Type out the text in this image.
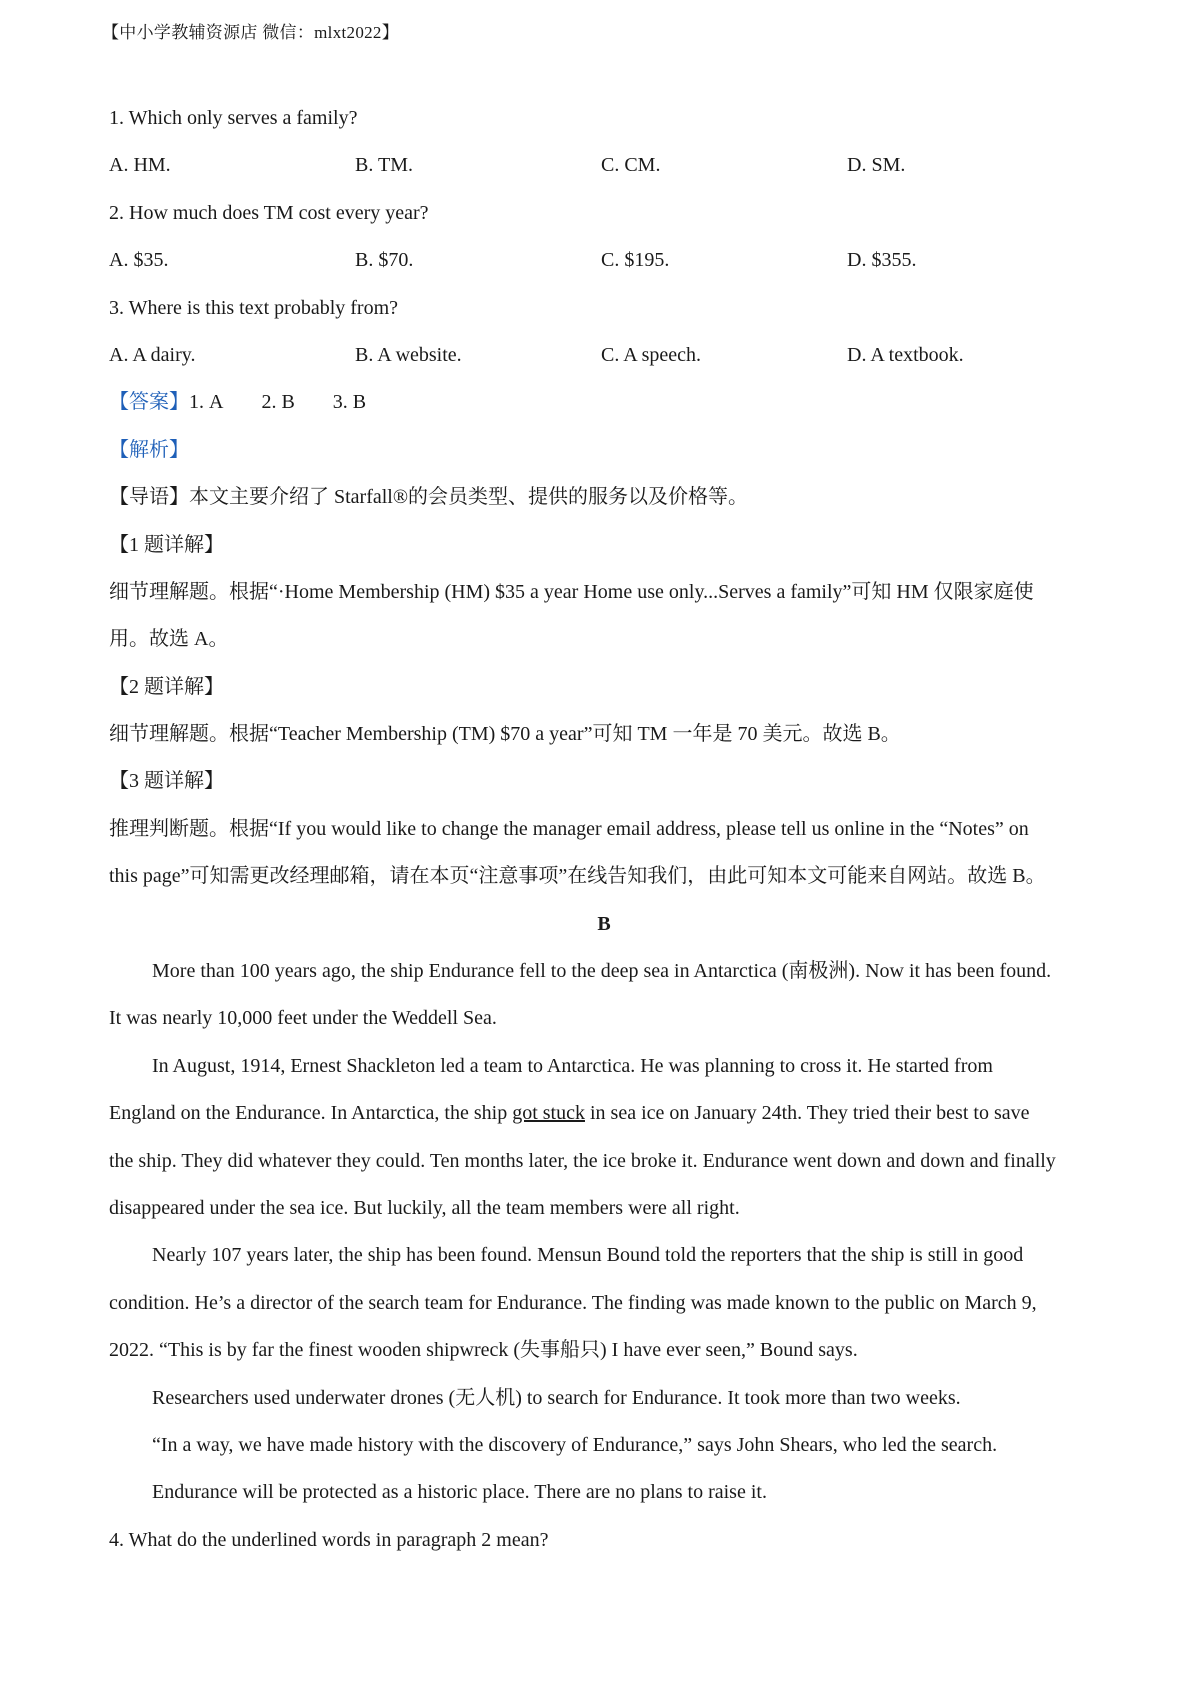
【中小学教辅资源店 微信：mlxt2022】
1. Which only serves a family?
A. HM.	B. TM.	C. CM.	D. SM.
2. How much does TM cost every year?
A. $35.	B. $70.	C. $195.	D. $355.
3. Where is this text probably from?
A. A dairy.	B. A website.	C. A speech.	D. A textbook.
【答案】1. A 2. B 3. B
【解析】
【导语】本文主要介绍了 Starfall®的会员类型、提供的服务以及价格等。
【1 题详解】
细节理解题。根据“·Home Membership (HM) $35 a year Home use only...Serves a family”可知 HM 仅限家庭使
用。故选 A。
【2 题详解】
细节理解题。根据“Teacher Membership (TM) $70 a year”可知 TM 一年是 70 美元。故选 B。
【3 题详解】
推理判断题。根据“If you would like to change the manager email address, please tell us online in the “Notes” on
this page”可知需更改经理邮箱，请在本页“注意事项”在线告知我们，由此可知本文可能来自网站。故选 B。
B
More than 100 years ago, the ship Endurance fell to the deep sea in Antarctica (南极洲). Now it has been found.
It was nearly 10,000 feet under the Weddell Sea.
In August, 1914, Ernest Shackleton led a team to Antarctica. He was planning to cross it. He started from
England on the Endurance. In Antarctica, the ship got stuck in sea ice on January 24th. They tried their best to save
the ship. They did whatever they could. Ten months later, the ice broke it. Endurance went down and down and finally
disappeared under the sea ice. But luckily, all the team members were all right.
Nearly 107 years later, the ship has been found. Mensun Bound told the reporters that the ship is still in good
condition. He’s a director of the search team for Endurance. The finding was made known to the public on March 9,
2022. “This is by far the finest wooden shipwreck (失事船只) I have ever seen,” Bound says.
Researchers used underwater drones (无人机) to search for Endurance. It took more than two weeks.
“In a way, we have made history with the discovery of Endurance,” says John Shears, who led the search.
Endurance will be protected as a historic place. There are no plans to raise it.
4. What do the underlined words in paragraph 2 mean?
